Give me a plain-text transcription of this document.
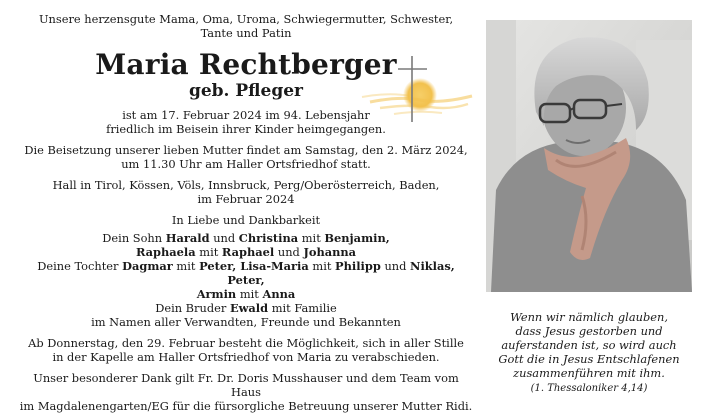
Unsere herzensgute Mama, Oma, Uroma, Schwiegermutter, Schwester,

Tante und Patin

Maria Rechtberger

geb. Pfleger

ist am 17. Februar 2024 im 94. Lebensjahr

friedlich im Beisein ihrer Kinder heimgegangen.

Die Beisetzung unserer lieben Mutter findet am Samstag, den 2. März 2024,

um 11.30 Uhr am Haller Ortsfriedhof statt.

Hall in Tirol, Kössen, Völs, Innsbruck, Perg/Oberösterreich, Baden,

im Februar 2024

In Liebe und Dankbarkeit

Dein Sohn Harald und Christina mit Benjamin,

Raphaela mit Raphael und Johanna

Deine Tochter Dagmar mit Peter, Lisa-Maria mit Philipp und Niklas, Peter,

Armin mit Anna

Dein Bruder Ewald mit Familie

im Namen aller Verwandten, Freunde und Bekannten

Ab Donnerstag, den 29. Februar besteht die Möglichkeit, sich in aller Stille

in der Kapelle am Haller Ortsfriedhof von Maria zu verabschieden.

Unser besonderer Dank gilt Fr. Dr. Doris Musshauser und dem Team vom Haus

im Magdalenengarten/EG für die fürsorgliche Betreuung unserer Mutter Ridi.

Wenn wir nämlich glauben,

dass Jesus gestorben und

auferstanden ist, so wird auch

Gott die in Jesus Entschlafenen

zusammenführen mit ihm.

(1. Thessaloniker 4,14)
